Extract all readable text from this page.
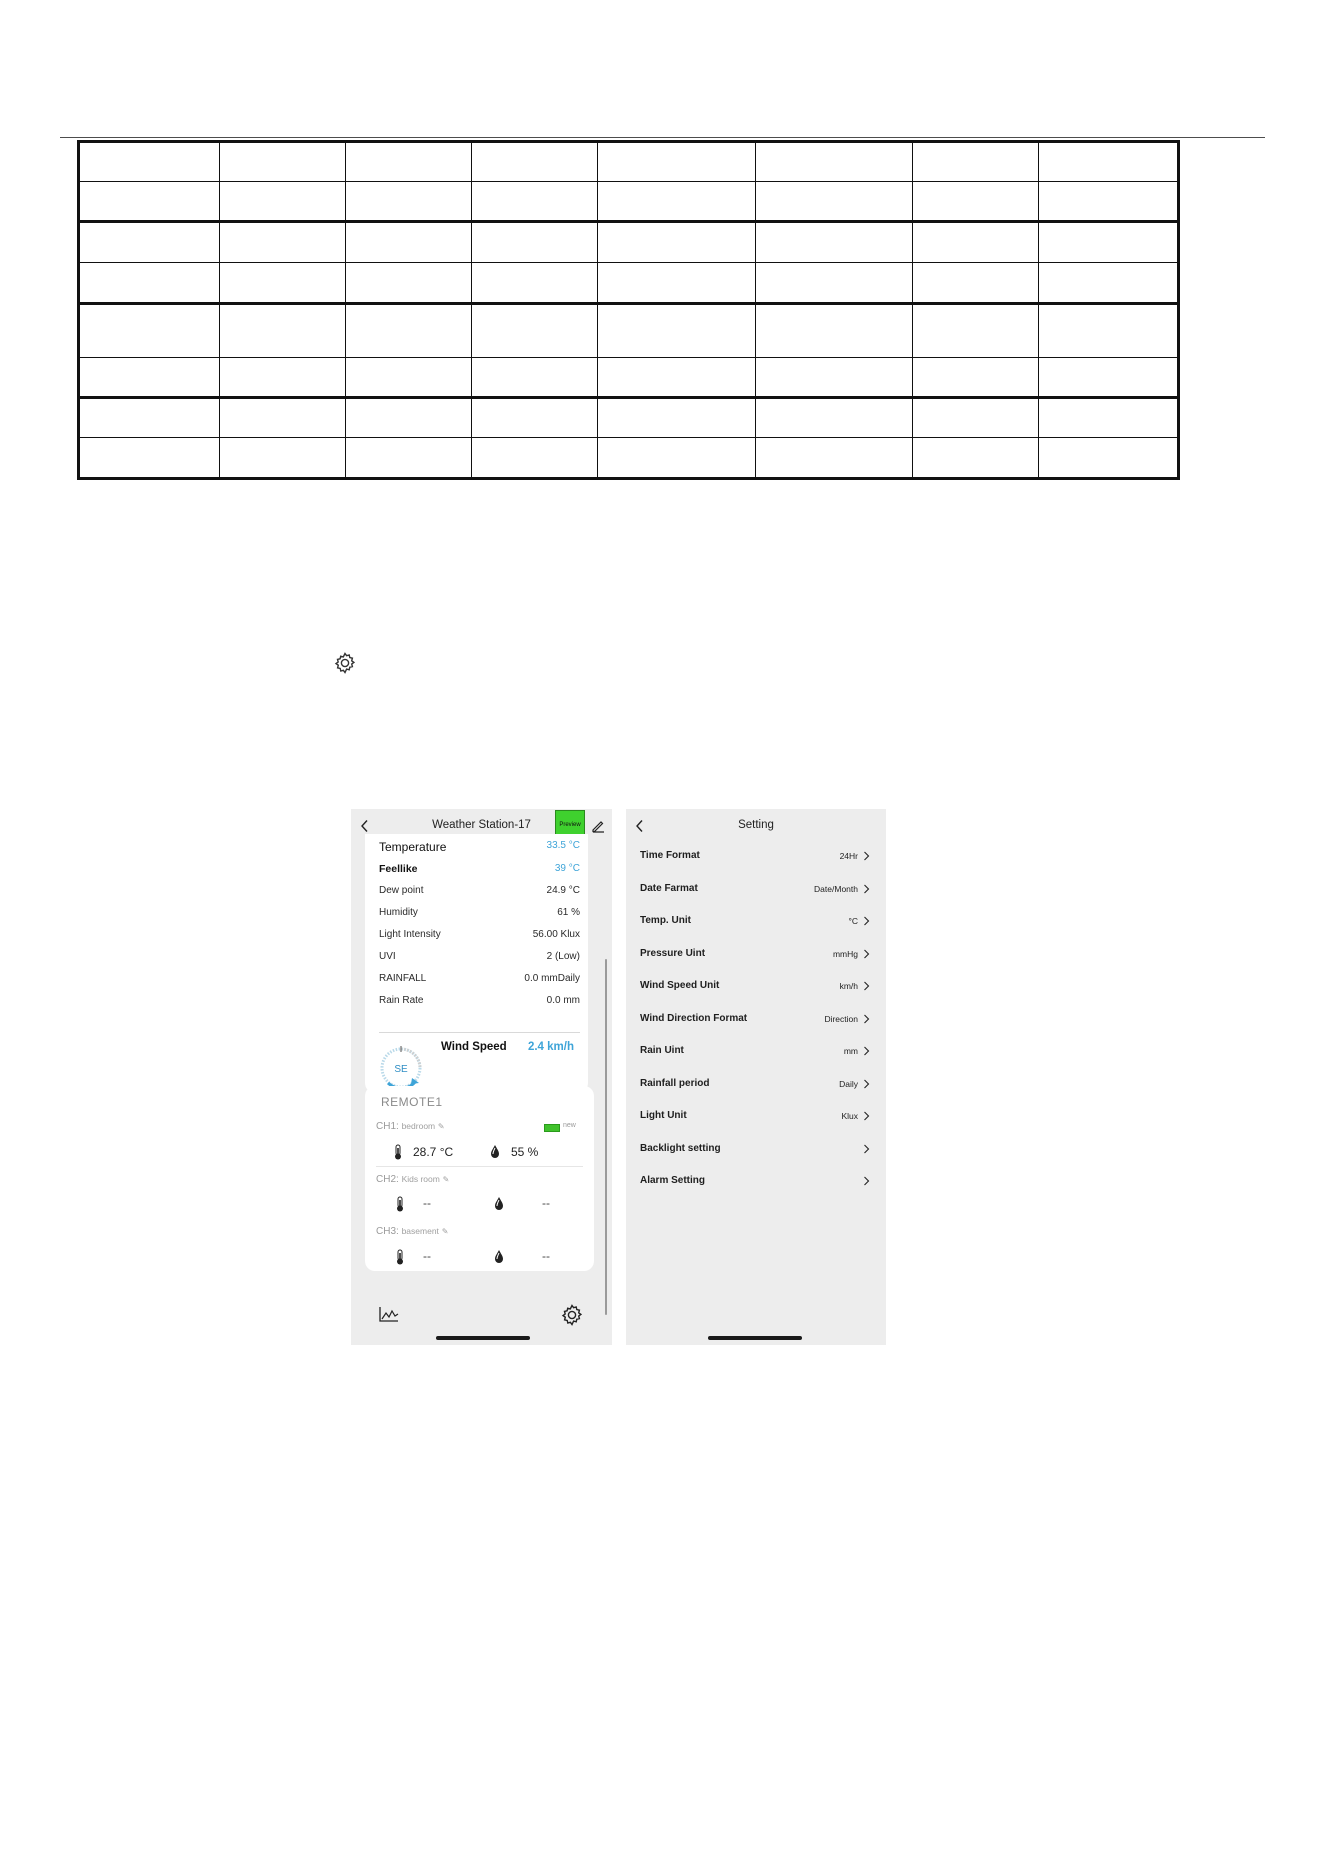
Weather Station-17	Preview
Temperature	33.5 °C
Feellike	39 °C
Dew point	24.9 °C
Humidity	61 %
Light Intensity	56.00 Klux
UVI	2 (Low)
RAINFALL	0.0 mmDaily
Rain Rate	0.0 mm
SE
Wind Speed 2.4 km/h
REMOTE1
CH1: bedroom ✎	new
28.7 °C	55 %
CH2: Kids room ✎
--	--
CH3: basement ✎
--	--
Setting
Time Format	24Hr
Date Farmat	Date/Month
Temp. Unit	°C
Pressure Uint	mmHg
Wind Speed Unit	km/h
Wind Direction Format	Direction
Rain Uint	mm
Rainfall period	Daily
Light Unit	Klux
Backlight setting
Alarm Setting
